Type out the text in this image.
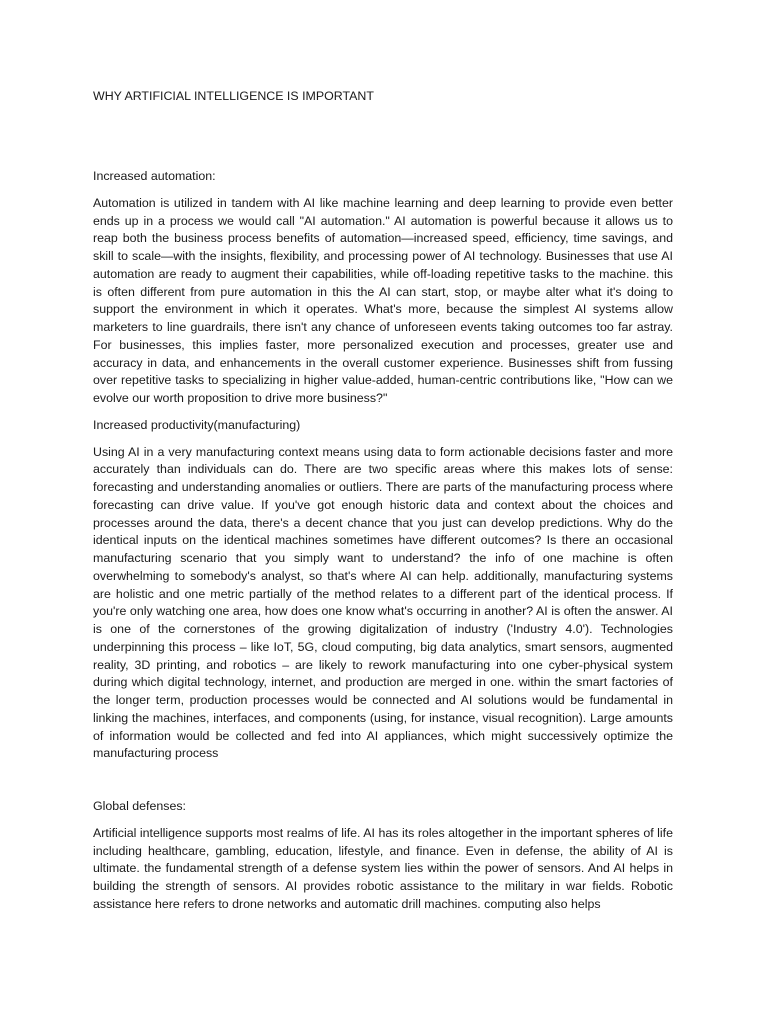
WHY ARTIFICIAL INTELLIGENCE IS IMPORTANT

Increased automation:

Automation is utilized in tandem with AI like machine learning and deep learning to provide even better ends up in a process we would call "AI automation." AI automation is powerful because it allows us to reap both the business process benefits of automation—increased speed, efficiency, time savings, and skill to scale—with the insights, flexibility, and processing power of AI technology. Businesses that use AI automation are ready to augment their capabilities, while off-loading repetitive tasks to the machine. this is often different from pure automation in this the AI can start, stop, or maybe alter what it's doing to support the environment in which it operates. What's more, because the simplest AI systems allow marketers to line guardrails, there isn't any chance of unforeseen events taking outcomes too far astray. For businesses, this implies faster, more personalized execution and processes, greater use and accuracy in data, and enhancements in the overall customer experience. Businesses shift from fussing over repetitive tasks to specializing in higher value-added, human-centric contributions like, "How can we evolve our worth proposition to drive more business?"

Increased productivity(manufacturing)

Using AI in a very manufacturing context means using data to form actionable decisions faster and more accurately than individuals can do. There are two specific areas where this makes lots of sense: forecasting and understanding anomalies or outliers. There are parts of the manufacturing process where forecasting can drive value. If you've got enough historic data and context about the choices and processes around the data, there's a decent chance that you just can develop predictions. Why do the identical inputs on the identical machines sometimes have different outcomes? Is there an occasional manufacturing scenario that you simply want to understand? the info of one machine is often overwhelming to somebody's analyst, so that's where AI can help. additionally, manufacturing systems are holistic and one metric partially of the method relates to a different part of the identical process. If you're only watching one area, how does one know what's occurring in another? AI is often the answer. AI is one of the cornerstones of the growing digitalization of industry ('Industry 4.0'). Technologies underpinning this process – like IoT, 5G, cloud computing, big data analytics, smart sensors, augmented reality, 3D printing, and robotics – are likely to rework manufacturing into one cyber-physical system during which digital technology, internet, and production are merged in one. within the smart factories of the longer term, production processes would be connected and AI solutions would be fundamental in linking the machines, interfaces, and components (using, for instance, visual recognition). Large amounts of information would be collected and fed into AI appliances, which might successively optimize the manufacturing process

Global defenses:

Artificial intelligence supports most realms of life. AI has its roles altogether in the important spheres of life including healthcare, gambling, education, lifestyle, and finance. Even in defense, the ability of AI is ultimate. the fundamental strength of a defense system lies within the power of sensors. And AI helps in building the strength of sensors. AI provides robotic assistance to the military in war fields. Robotic assistance here refers to drone networks and automatic drill machines. computing also helps
